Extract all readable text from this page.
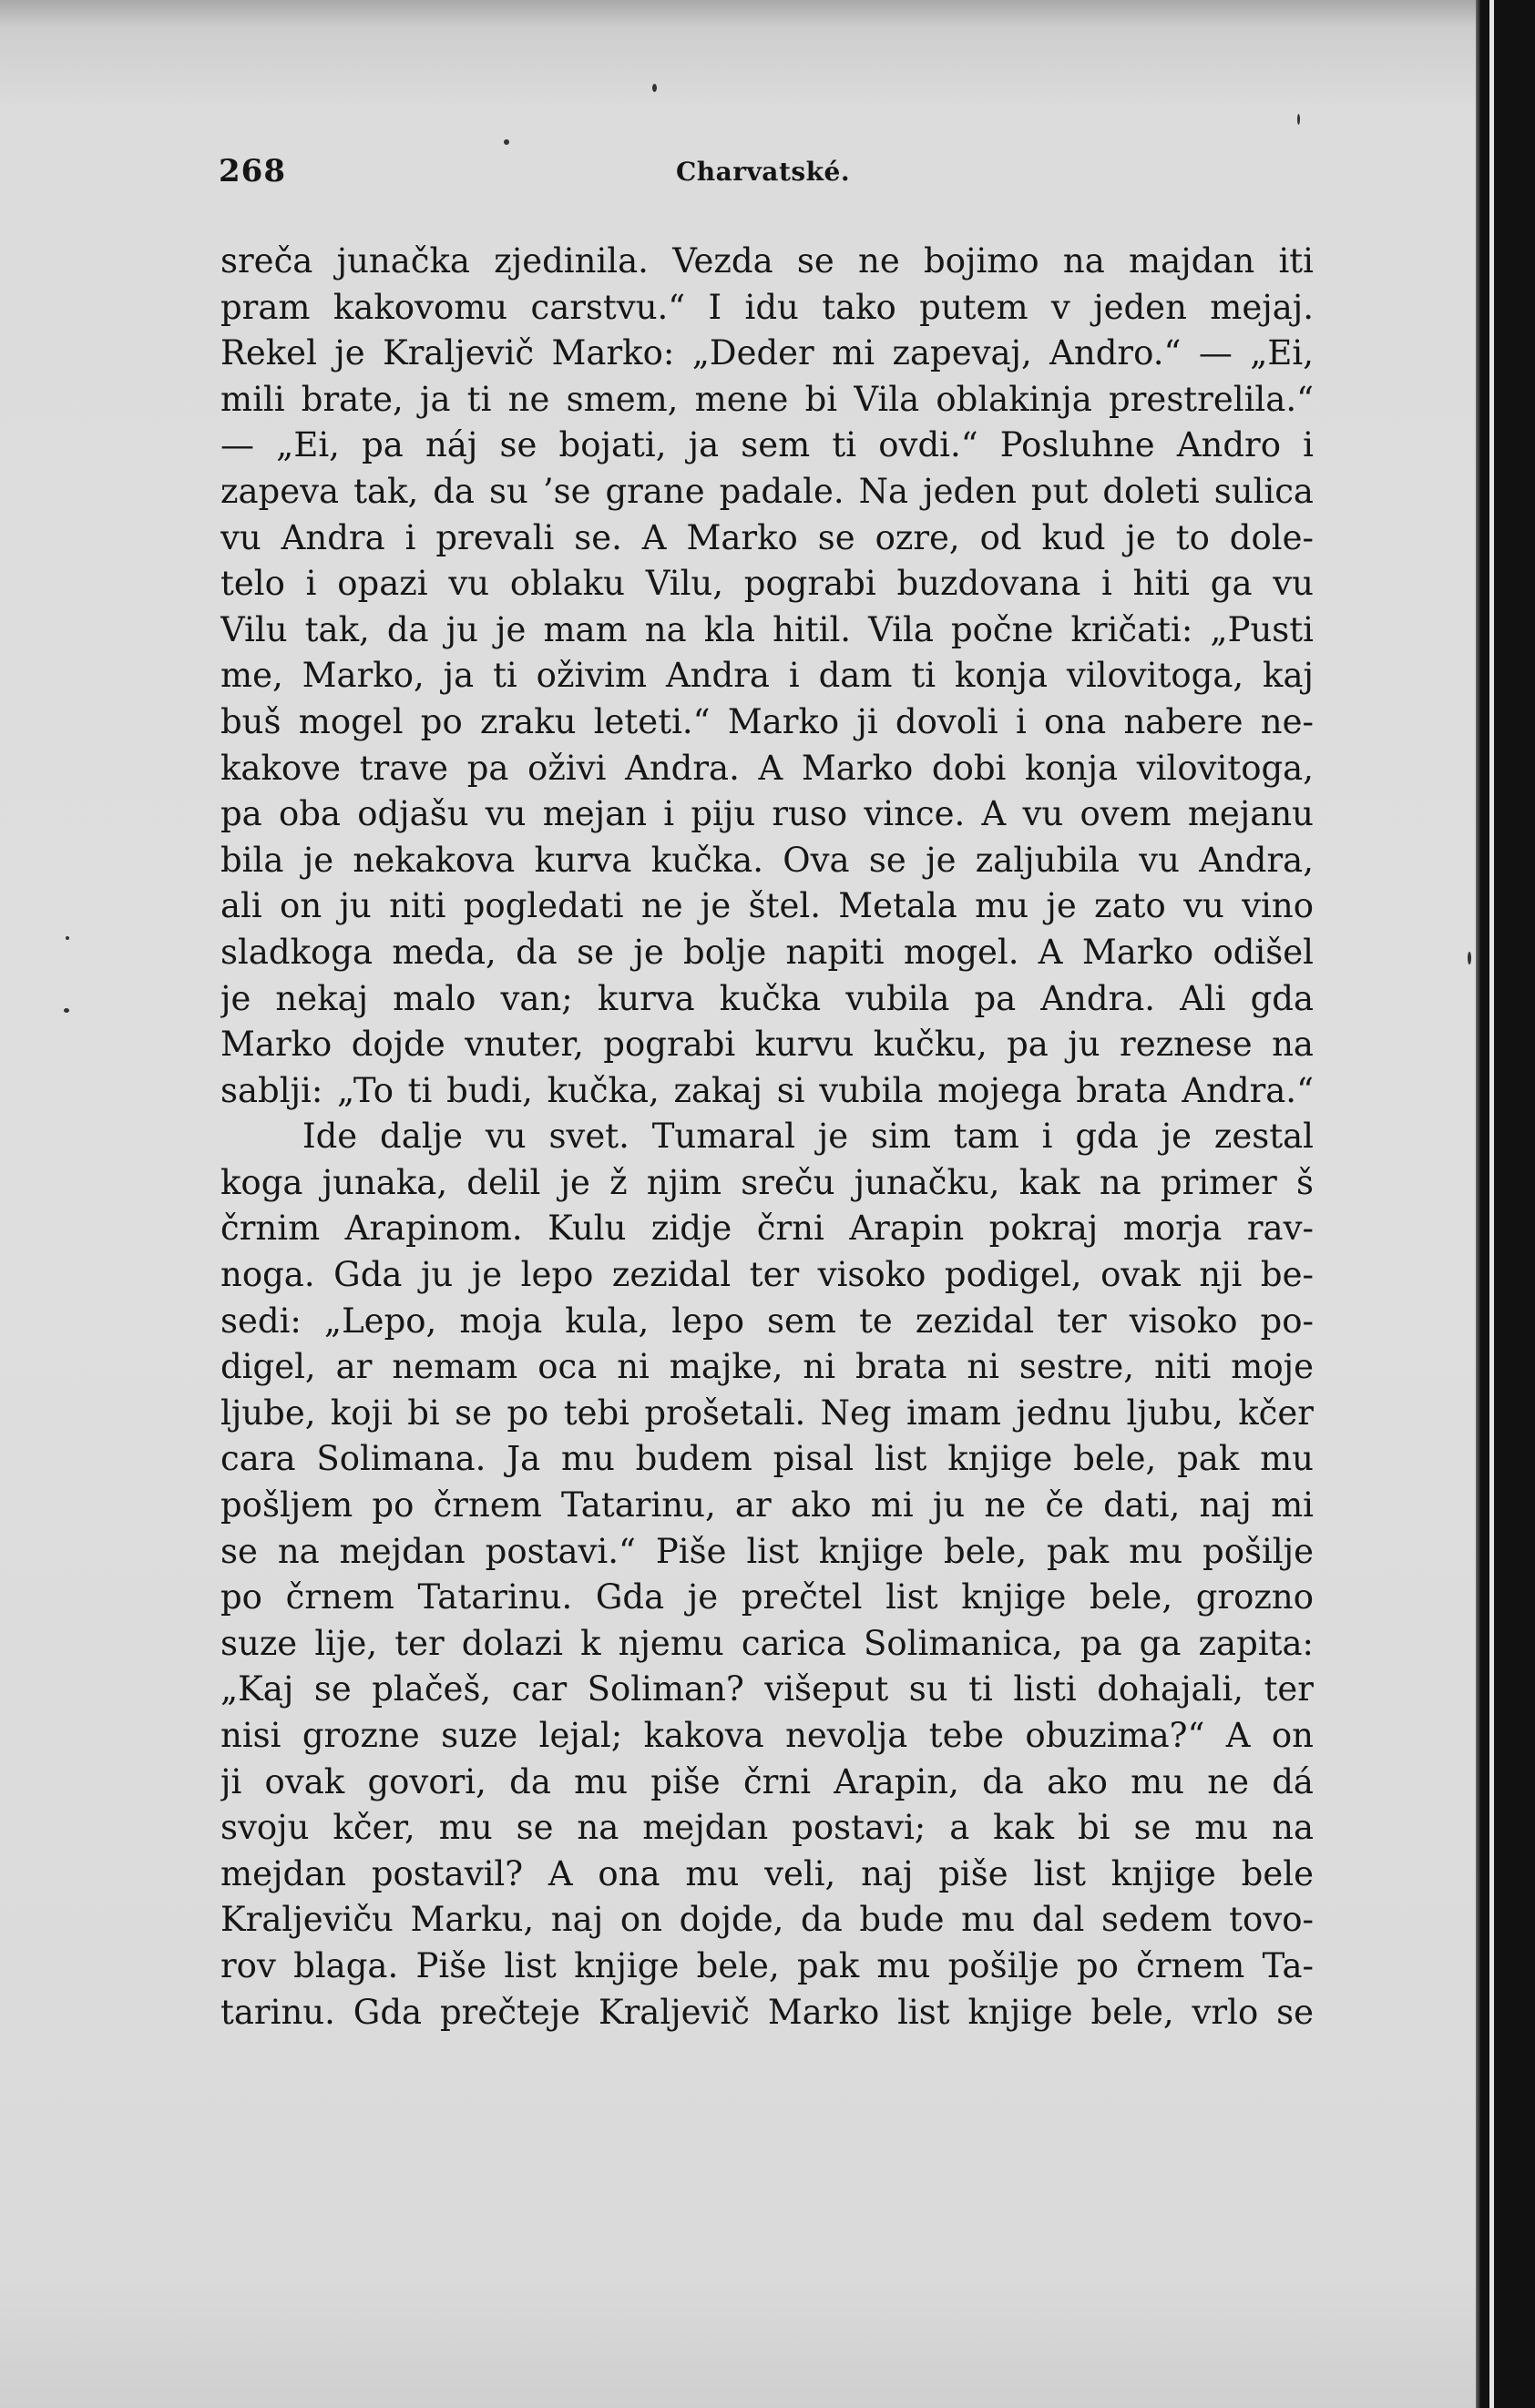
268	Charvatské.
sreča junačka zjedinila. Vezda se ne bojimo na majdan iti
pram kakovomu carstvu.“ I idu tako putem v jeden mejaj.
Rekel je Kraljevič Marko: „Deder mi zapevaj, Andro.“ — „Ei,
mili brate, ja ti ne smem, mene bi Vila oblakinja prestrelila.“
— „Ei, pa náj se bojati, ja sem ti ovdi.“ Posluhne Andro i
zapeva tak, da su ’se grane padale. Na jeden put doleti sulica
vu Andra i prevali se. A Marko se ozre, od kud je to dole-
telo i opazi vu oblaku Vilu, pograbi buzdovana i hiti ga vu
Vilu tak, da ju je mam na kla hitil. Vila počne kričati: „Pusti
me, Marko, ja ti oživim Andra i dam ti konja vilovitoga, kaj
buš mogel po zraku leteti.“ Marko ji dovoli i ona nabere ne-
kakove trave pa oživi Andra. A Marko dobi konja vilovitoga,
pa oba odjašu vu mejan i piju ruso vince. A vu ovem mejanu
bila je nekakova kurva kučka. Ova se je zaljubila vu Andra,
ali on ju niti pogledati ne je štel. Metala mu je zato vu vino
sladkoga meda, da se je bolje napiti mogel. A Marko odišel
je nekaj malo van; kurva kučka vubila pa Andra. Ali gda
Marko dojde vnuter, pograbi kurvu kučku, pa ju reznese na
sablji: „To ti budi, kučka, zakaj si vubila mojega brata Andra.“
Ide dalje vu svet. Tumaral je sim tam i gda je zestal
koga junaka, delil je ž njim sreču junačku, kak na primer š
črnim Arapinom. Kulu zidje črni Arapin pokraj morja rav-
noga. Gda ju je lepo zezidal ter visoko podigel, ovak nji be-
sedi: „Lepo, moja kula, lepo sem te zezidal ter visoko po-
digel, ar nemam oca ni majke, ni brata ni sestre, niti moje
ljube, koji bi se po tebi prošetali. Neg imam jednu ljubu, kčer
cara Solimana. Ja mu budem pisal list knjige bele, pak mu
pošljem po črnem Tatarinu, ar ako mi ju ne če dati, naj mi
se na mejdan postavi.“ Piše list knjige bele, pak mu pošilje
po črnem Tatarinu. Gda je prečtel list knjige bele, grozno
suze lije, ter dolazi k njemu carica Solimanica, pa ga zapita:
„Kaj se plačeš, car Soliman? višeput su ti listi dohajali, ter
nisi grozne suze lejal; kakova nevolja tebe obuzima?“ A on
ji ovak govori, da mu piše črni Arapin, da ako mu ne dá
svoju kčer, mu se na mejdan postavi; a kak bi se mu na
mejdan postavil? A ona mu veli, naj piše list knjige bele
Kraljeviču Marku, naj on dojde, da bude mu dal sedem tovo-
rov blaga. Piše list knjige bele, pak mu pošilje po črnem Ta-
tarinu. Gda prečteje Kraljevič Marko list knjige bele, vrlo se
